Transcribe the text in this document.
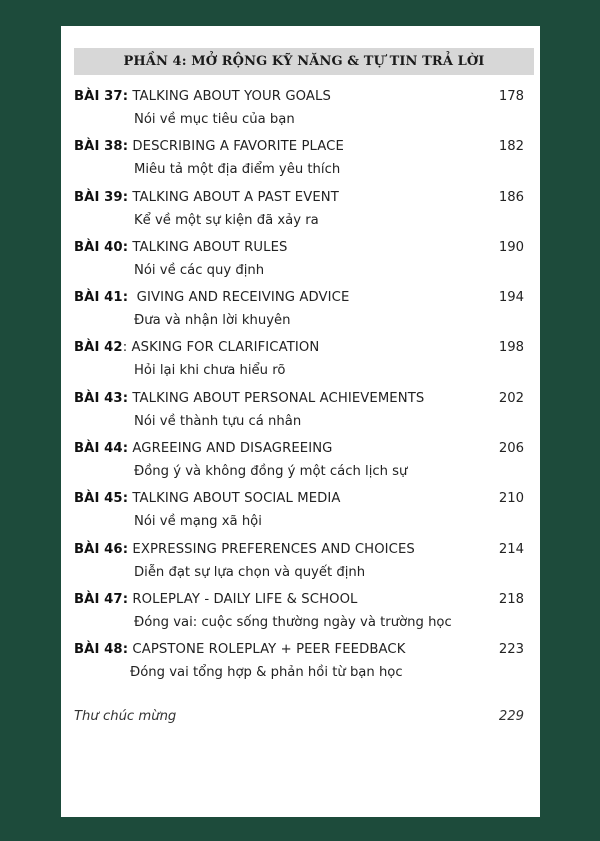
PHẦN 4: MỞ RỘNG KỸ NĂNG & TỰ TIN TRẢ LỜI
BÀI 37: TALKING ABOUT YOUR GOALS	178
Nói về mục tiêu của bạn
BÀI 38: DESCRIBING A FAVORITE PLACE	182
Miêu tả một địa điểm yêu thích
BÀI 39: TALKING ABOUT A PAST EVENT	186
Kể về một sự kiện đã xảy ra
BÀI 40: TALKING ABOUT RULES	190
Nói về các quy định
BÀI 41:  GIVING AND RECEIVING ADVICE	194
Đưa và nhận lời khuyên
BÀI 42: ASKING FOR CLARIFICATION	198
Hỏi lại khi chưa hiểu rõ
BÀI 43: TALKING ABOUT PERSONAL ACHIEVEMENTS	202
Nói về thành tựu cá nhân
BÀI 44: AGREEING AND DISAGREEING	206
Đồng ý và không đồng ý một cách lịch sự
BÀI 45: TALKING ABOUT SOCIAL MEDIA	210
Nói về mạng xã hội
BÀI 46: EXPRESSING PREFERENCES AND CHOICES	214
Diễn đạt sự lựa chọn và quyết định
BÀI 47: ROLEPLAY - DAILY LIFE & SCHOOL	218
Đóng vai: cuộc sống thường ngày và trường học
BÀI 48: CAPSTONE ROLEPLAY + PEER FEEDBACK	223
Đóng vai tổng hợp & phản hồi từ bạn học
Thư chúc mừng	229
